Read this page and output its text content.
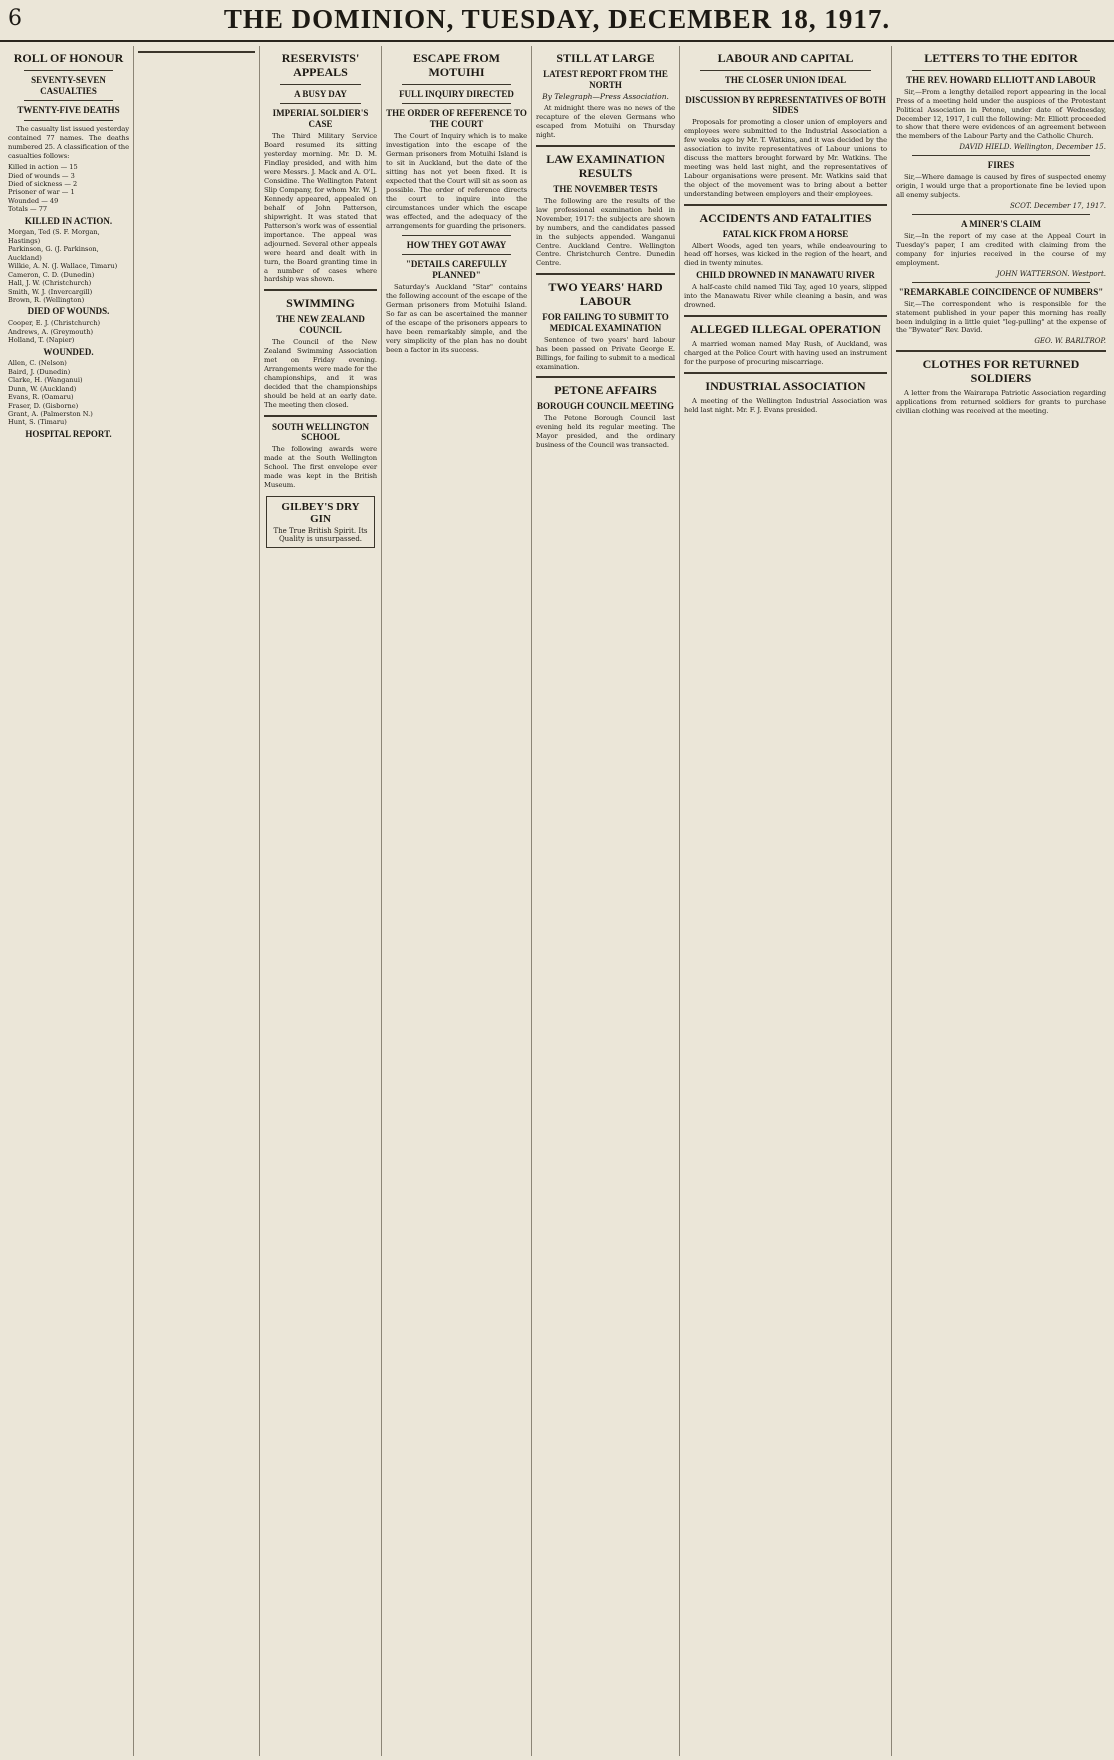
6	THE DOMINION, TUESDAY, DECEMBER 18, 1917.
ROLL OF HONOUR
SEVENTY-SEVEN CASUALTIES
TWENTY-FIVE DEATHS

The casualty list issued yesterday contained 77 names. The deaths numbered 25. A classification of the casualties follows:

Killed in action — 15
Died of wounds — 3
Died of sickness — 2
Prisoner of war — 1
Wounded — 49
Totals — 77
KILLED IN ACTION.
Morgan, Ted (S. F. Morgan, Hastings)
Parkinson, G. (J. Parkinson, Auckland)
Wilkie, A. N. (J. Wallace, Timaru)
Cameron, C. D. (Dunedin)
Hall, J. W. (Christchurch)
Smith, W. J. (Invercargill)
Brown, R. (Wellington)
DIED OF WOUNDS.
Cooper, E. J. (Christchurch)
Andrews, A. (Greymouth)
Holland, T. (Napier)
WOUNDED.
Allen, C. (Nelson)
Baird, J. (Dunedin)
Clarke, H. (Wanganui)
Dunn, W. (Auckland)
Evans, R. (Oamaru)
Fraser, D. (Gisborne)
Grant, A. (Palmerston N.)
Hunt, S. (Timaru)
HOSPITAL REPORT.
RESERVISTS' APPEALS
A BUSY DAY
IMPERIAL SOLDIER'S CASE

The Third Military Service Board resumed its sitting yesterday morning. Mr. D. M. Findlay presided, and with him were Messrs. J. Mack and A. O'L. Considine. The Wellington Patent Slip Company, for whom Mr. W. J. Kennedy appeared, appealed on behalf of John Patterson, shipwright. It was stated that Patterson's work was of essential importance. The appeal was adjourned. Several other appeals were heard and dealt with in turn, the Board granting time in a number of cases where hardship was shown.

SWIMMING
THE NEW ZEALAND COUNCIL

The Council of the New Zealand Swimming Association met on Friday evening. Arrangements were made for the championships, and it was decided that the championships should be held at an early date. The meeting then closed.

SOUTH WELLINGTON SCHOOL

The following awards were made at the South Wellington School. The first envelope ever made was kept in the British Museum.

GILBEY'S DRY GIN
The True British Spirit. Its Quality is unsurpassed.
ESCAPE FROM MOTUIHI
FULL INQUIRY DIRECTED
THE ORDER OF REFERENCE TO THE COURT

The Court of Inquiry which is to make investigation into the escape of the German prisoners from Motuihi Island is to sit in Auckland, but the date of the sitting has not yet been fixed. It is expected that the Court will sit as soon as possible. The order of reference directs the court to inquire into the circumstances under which the escape was effected, and the adequacy of the arrangements for guarding the prisoners.

HOW THEY GOT AWAY
"DETAILS CAREFULLY PLANNED"

Saturday's Auckland "Star" contains the following account of the escape of the German prisoners from Motuihi Island. So far as can be ascertained the manner of the escape of the prisoners appears to have been remarkably simple, and the very simplicity of the plan has no doubt been a factor in its success.

STILL AT LARGE
LATEST REPORT FROM THE NORTH
By Telegraph—Press Association.

At midnight there was no news of the recapture of the eleven Germans who escaped from Motuihi on Thursday night.

LAW EXAMINATION RESULTS
THE NOVEMBER TESTS

The following are the results of the law professional examination held in November, 1917: the subjects are shown by numbers, and the candidates passed in the subjects appended. Wanganui Centre. Auckland Centre. Wellington Centre. Christchurch Centre. Dunedin Centre.

TWO YEARS' HARD LABOUR
FOR FAILING TO SUBMIT TO MEDICAL EXAMINATION

Sentence of two years' hard labour has been passed on Private George E. Billings, for failing to submit to a medical examination.

PETONE AFFAIRS
BOROUGH COUNCIL MEETING

The Petone Borough Council last evening held its regular meeting. The Mayor presided, and the ordinary business of the Council was transacted.

LABOUR AND CAPITAL
THE CLOSER UNION IDEAL
DISCUSSION BY REPRESENTATIVES OF BOTH SIDES

Proposals for promoting a closer union of employers and employees were submitted to the Industrial Association a few weeks ago by Mr. T. Watkins, and it was decided by the association to invite representatives of Labour unions to discuss the matters brought forward by Mr. Watkins. The meeting was held last night, and the representatives of Labour organisations were present. Mr. Watkins said that the object of the movement was to bring about a better understanding between employers and their employees.

ACCIDENTS AND FATALITIES
FATAL KICK FROM A HORSE

Albert Woods, aged ten years, while endeavouring to head off horses, was kicked in the region of the heart, and died in twenty minutes.

CHILD DROWNED IN MANAWATU RIVER

A half-caste child named Tiki Tay, aged 10 years, slipped into the Manawatu River while cleaning a basin, and was drowned.

ALLEGED ILLEGAL OPERATION

A married woman named May Rush, of Auckland, was charged at the Police Court with having used an instrument for the purpose of procuring miscarriage.

INDUSTRIAL ASSOCIATION

A meeting of the Wellington Industrial Association was held last night. Mr. F. J. Evans presided.

LETTERS TO THE EDITOR
THE REV. HOWARD ELLIOTT AND LABOUR

Sir,—From a lengthy detailed report appearing in the local Press of a meeting held under the auspices of the Protestant Political Association in Petone, under date of Wednesday, December 12, 1917, I cull the following: Mr. Elliott proceeded to show that there were evidences of an agreement between the members of the Labour Party and the Catholic Church.

DAVID HIELD. Wellington, December 15.
FIRES

Sir,—Where damage is caused by fires of suspected enemy origin, I would urge that a proportionate fine be levied upon all enemy subjects.

SCOT. December 17, 1917.
A MINER'S CLAIM

Sir,—In the report of my case at the Appeal Court in Tuesday's paper, I am credited with claiming from the company for injuries received in the course of my employment.

JOHN WATTERSON. Westport.
"REMARKABLE COINCIDENCE OF NUMBERS"

Sir,—The correspondent who is responsible for the statement published in your paper this morning has really been indulging in a little quiet "leg-pulling" at the expense of the "Bywater" Rev. David.

GEO. W. BARLTROP.
CLOTHES FOR RETURNED SOLDIERS

A letter from the Wairarapa Patriotic Association regarding applications from returned soldiers for grants to purchase civilian clothing was received at the meeting.
